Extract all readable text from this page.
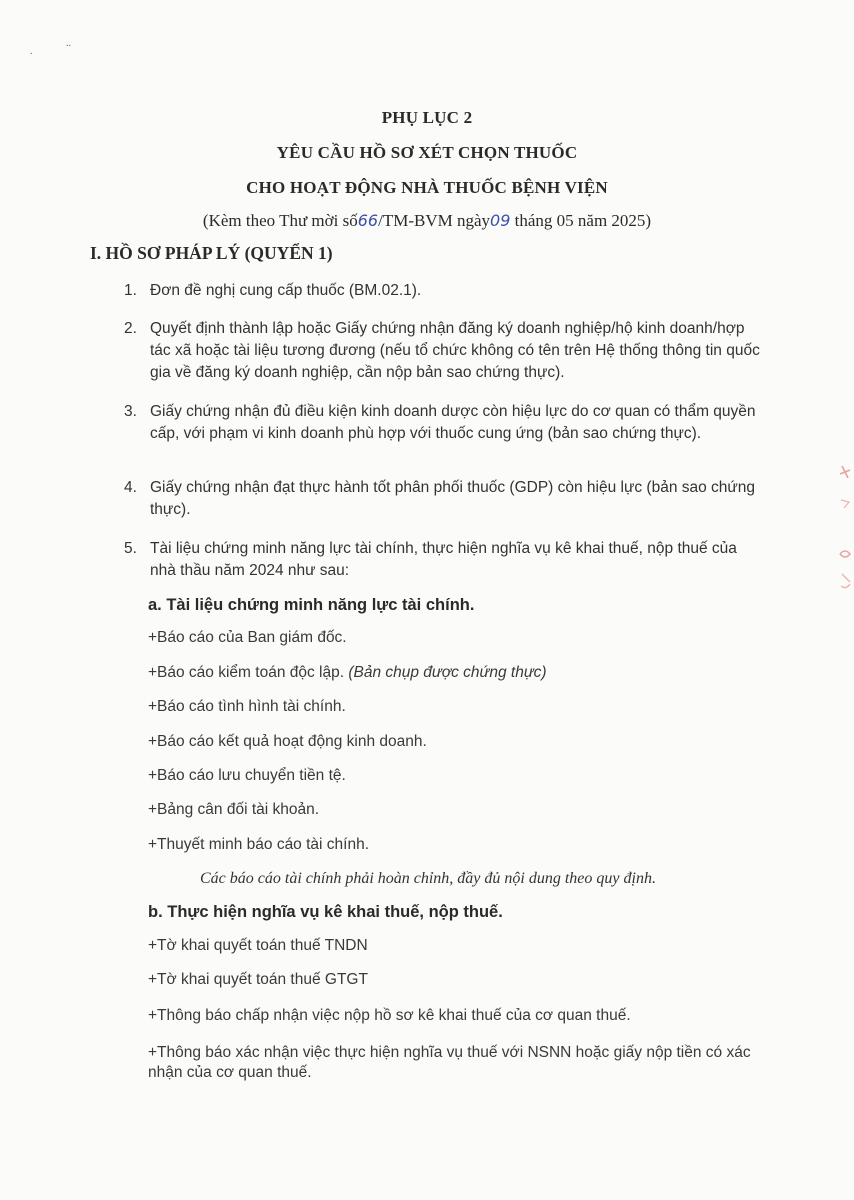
.
..
PHỤ LỤC 2
YÊU CẦU HỒ SƠ XÉT CHỌN THUỐC
CHO HOẠT ĐỘNG NHÀ THUỐC BỆNH VIỆN
(Kèm theo Thư mời số66/TM-BVM ngày09 tháng 05 năm 2025)
I. HỒ SƠ PHÁP LÝ (QUYỂN 1)
1. Đơn đề nghị cung cấp thuốc (BM.02.1).
2. Quyết định thành lập hoặc Giấy chứng nhận đăng ký doanh nghiệp/hộ kinh doanh/hợp tác xã hoặc tài liệu tương đương (nếu tổ chức không có tên trên Hệ thống thông tin quốc gia về đăng ký doanh nghiệp, cần nộp bản sao chứng thực).
3. Giấy chứng nhận đủ điều kiện kinh doanh dược còn hiệu lực do cơ quan có thẩm quyền cấp, với phạm vi kinh doanh phù hợp với thuốc cung ứng (bản sao chứng thực).
4. Giấy chứng nhận đạt thực hành tốt phân phối thuốc (GDP) còn hiệu lực (bản sao chứng thực).
5. Tài liệu chứng minh năng lực tài chính, thực hiện nghĩa vụ kê khai thuế, nộp thuế của nhà thầu năm 2024 như sau:
a. Tài liệu chứng minh năng lực tài chính.
+Báo cáo của Ban giám đốc.
+Báo cáo kiểm toán độc lập. (Bản chụp được chứng thực)
+Báo cáo tình hình tài chính.
+Báo cáo kết quả hoạt động kinh doanh.
+Báo cáo lưu chuyển tiền tệ.
+Bảng cân đối tài khoản.
+Thuyết minh báo cáo tài chính.
Các báo cáo tài chính phải hoàn chỉnh, đầy đủ nội dung theo quy định.
b. Thực hiện nghĩa vụ kê khai thuế, nộp thuế.
+Tờ khai quyết toán thuế TNDN
+Tờ khai quyết toán thuế GTGT
+Thông báo chấp nhận việc nộp hồ sơ kê khai thuế của cơ quan thuế.
+Thông báo xác nhận việc thực hiện nghĩa vụ thuế với NSNN hoặc giấy nộp tiền có xác nhận của cơ quan thuế.
